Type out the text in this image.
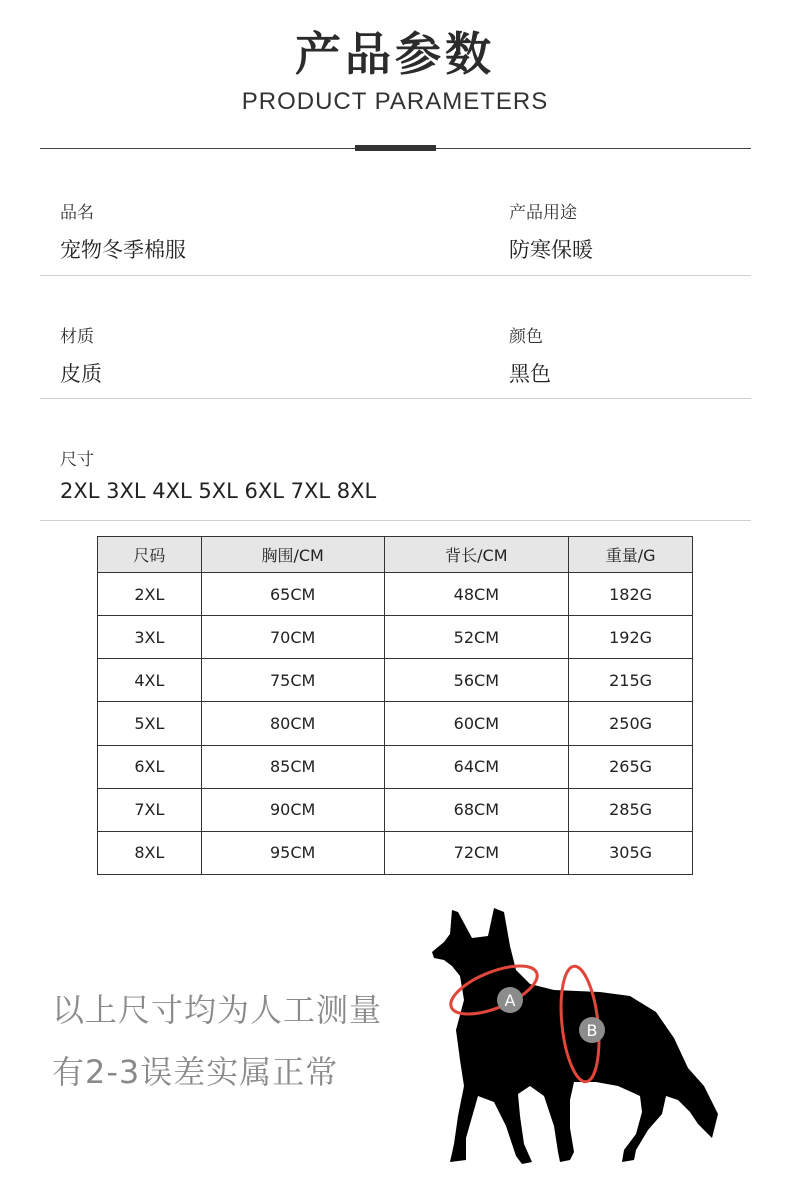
产品参数
PRODUCT PARAMETERS
品名
宠物冬季棉服
产品用途
防寒保暖
材质
皮质
颜色
黑色
尺寸
2XL 3XL 4XL 5XL 6XL 7XL 8XL
尺码	胸围/CM	背长/CM	重量/G
2XL	65CM	48CM	182G
3XL	70CM	52CM	192G
4XL	75CM	56CM	215G
5XL	80CM	60CM	250G
6XL	85CM	64CM	265G
7XL	90CM	68CM	285G
8XL	95CM	72CM	305G
以上尺寸均为人工测量
有2-3误差实属正常
A
B
